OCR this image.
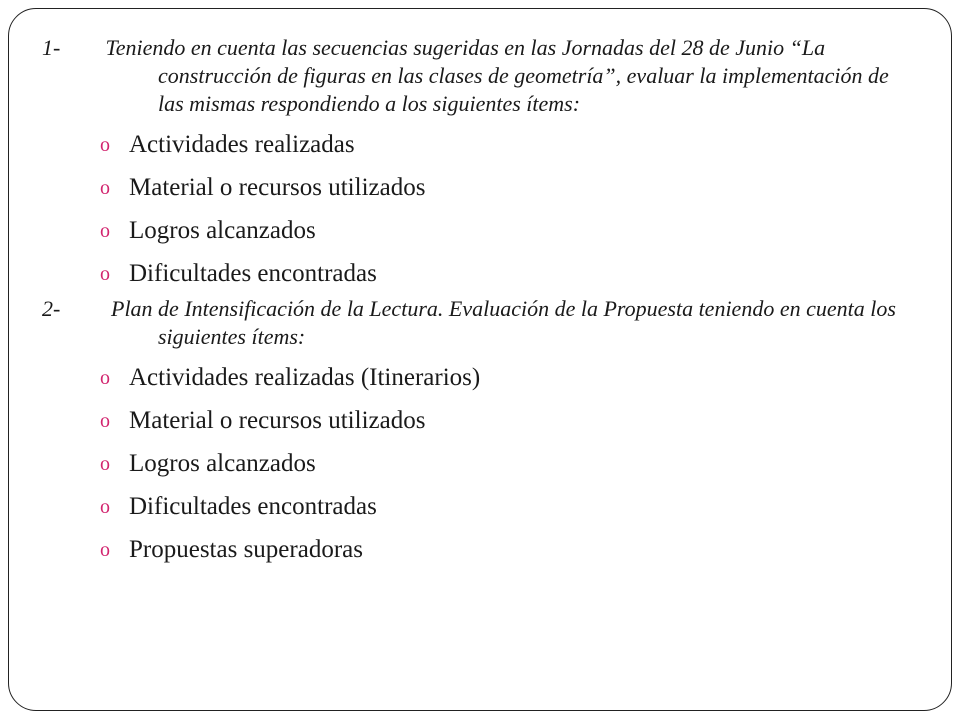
Teniendo en cuenta las secuencias sugeridas en las Jornadas del 28 de Junio “La construcción de figuras en las clases de geometría”, evaluar la implementación de las mismas respondiendo a los siguientes ítems:

o Actividades realizadas
o Material o recursos utilizados
o Logros alcanzados
o Dificultades encontradas

Plan de Intensificación de la Lectura. Evaluación de la Propuesta teniendo en cuenta los siguientes ítems:

o Actividades realizadas (Itinerarios)
o Material o recursos utilizados
o Logros alcanzados
o Dificultades encontradas
o Propuestas superadoras
